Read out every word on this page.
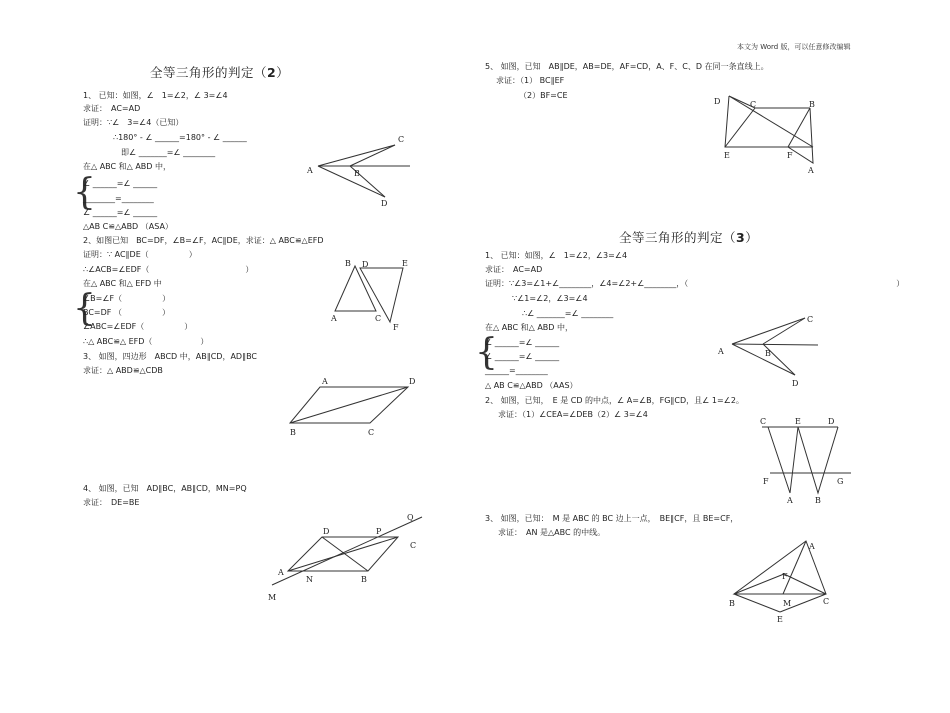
本文为 Word 版，可以任意修改编辑
全等三角形的判定（2）
1、 已知：如图，∠　1=∠2，∠ 3=∠4
求证：　AC=AD
证明：∵∠　3=∠4（已知）
∴180° - ∠ ______=180° - ∠ ______
即∠ _______=∠ ________
在△ ABC 和△ ABD 中，
{
∠ ______=∠ ______
________=________
∠ ______=∠ ______
△AB C≌△ABD （ASA）
2、如图已知　BC=DF，∠B=∠F，AC∥DE，求证：△ ABC≌△EFD
证明：∵ AC∥DE（　　　　　）
∴∠ACB=∠EDF（　　　　　　　　　　　　）
在△ ABC 和△ EFD 中
{
∠B=∠F（　　　　　）
BC=DF （　　　　　）
∠ABC=∠EDF（　　　　　）
∴△ ABC≌△ EFD（　　　　　　）
3、 如图，四边形　ABCD 中，AB∥CD，AD∥BC
求证：△ ABD≌△CDB
4、 如图，已知　AD∥BC，AB∥CD，MN=PQ
求证：　DE=BE
5、 如图，已知　AB∥DE，AB=DE，AF=CD，A、F、C、D 在同一条直线上。
求证：（1） BC∥EF
（2）BF=CE
全等三角形的判定（3）
1、 已知：如图，∠　1=∠2，∠3=∠4
求证：　AC=AD
证明：∵∠3=∠1+∠________，∠4=∠2+∠________，（　　　　　　　　　　　　　　　　　　　　　　　　　　）
∵∠1=∠2，∠3=∠4
∴∠ _______=∠ ________
在△ ABC 和△ ABD 中，
{
∠ ______=∠ ______
∠ ______=∠ ______
______=________
△ AB C≌△ABD （AAS）
2、 如图，已知，　E 是 CD 的中点，∠ A=∠B，FG∥CD，且∠ 1=∠2。
求证：（1）∠CEA=∠DEB（2）∠ 3=∠4
3、 如图，已知：　M 是 ABC 的 BC 边上一点，　BE∥CF，且 BE=CF，
求证：　AN 是△ABC 的中线。
A	B
C
D
B D	E
A	C
F
A	D
B	C
D	P
Q
C
A
N	B
M
D	C	B
E	F
A
A	B
C
D
C	E	D
F	G
A	B
A
F
B	M	C
E
